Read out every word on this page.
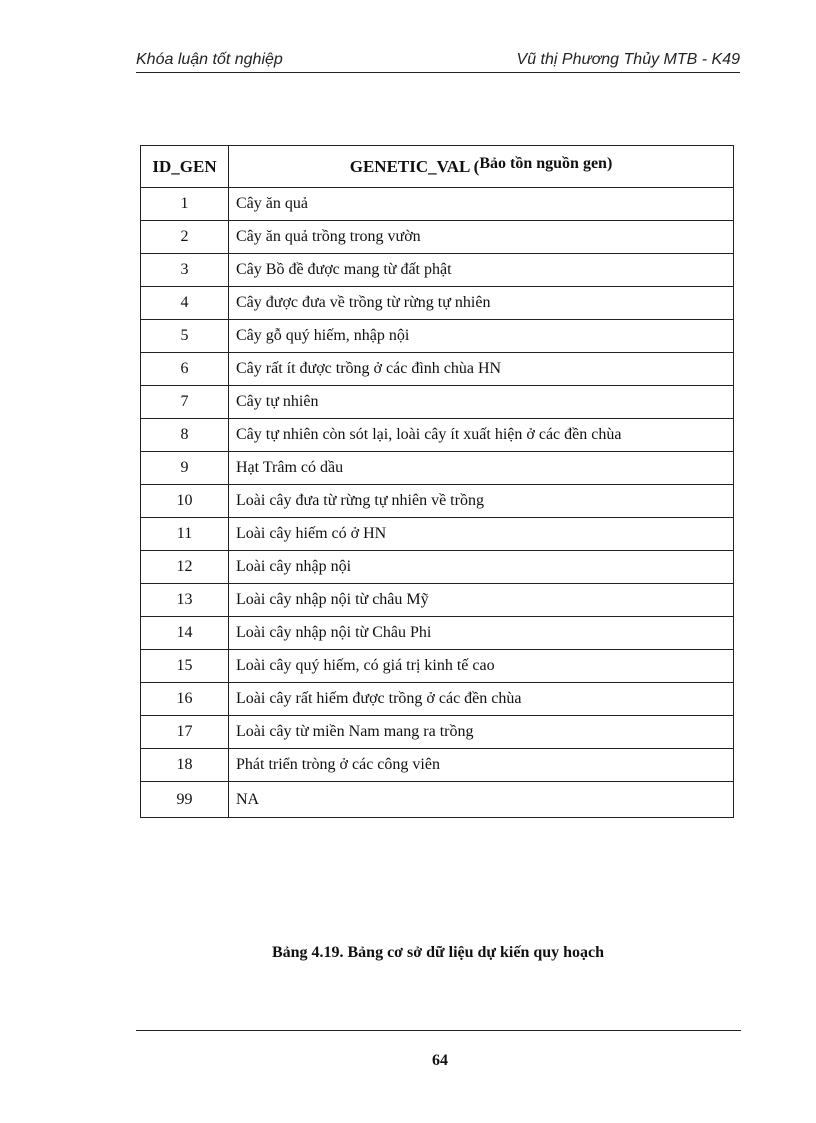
Khóa luận tốt nghiệp	Vũ thị Phương Thủy MTB - K49
ID_GEN	GENETIC_VAL (Bảo tồn nguồn gen)
1	Cây ăn quả
2	Cây ăn quả trồng trong vườn
3	Cây Bồ đề được mang từ đất phật
4	Cây được đưa về trồng từ rừng tự nhiên
5	Cây gỗ quý hiếm, nhập nội
6	Cây rất ít được trồng ở các đình chùa HN
7	Cây tự nhiên
8	Cây tự nhiên còn sót lại, loài cây ít xuất hiện ở các đền chùa
9	Hạt Trâm có dầu
10	Loài cây đưa từ rừng tự nhiên về trồng
11	Loài cây hiếm có ở HN
12	Loài cây nhập nội
13	Loài cây nhập nội từ châu Mỹ
14	Loài cây nhập nội từ Châu Phi
15	Loài cây quý hiếm, có giá trị kinh tế cao
16	Loài cây rất hiếm được trồng ở các đền chùa
17	Loài cây từ miền Nam mang ra trồng
18	Phát triển tròng ở các công viên
99	NA
Bảng 4.19. Bảng cơ sở dữ liệu dự kiến quy hoạch
64
